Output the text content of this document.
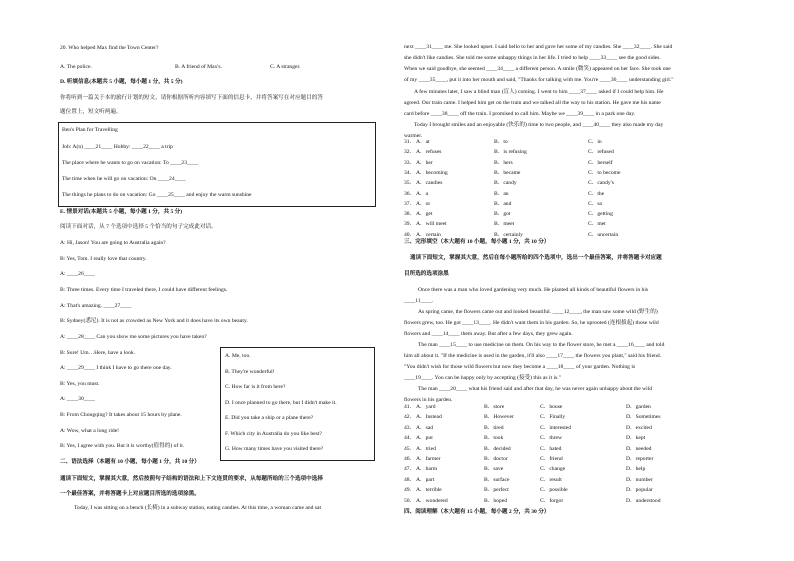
20. Who helped Max find the Town Center?
A. The police.	B. A friend of Max's.	C. A stranger.
D. 听填信息(本题共 5 小题，每小题 1 分，共 5 分)
你将听到一篇关于本的旅行计划的短文，请你根据所听内容填写下面的信息卡，并将答案写在对应题目的答
题位置上，短文听两遍。
Ben's Plan for Travelling
Job: A(n) ____21____ Hobby: ____22____ a trip
The place where he wants to go on vacation: To ____23____
The time when he will go on vacation: On ____24____
The things he plans to do on vacation: Go ____25____ and enjoy the warm sunshine
E. 情景对话(本题共 5 小题，每小题 1 分，共 5 分)
阅读下面对话，从 7 个选项中选择 5 个恰当的句子完成此对话。
A: Hi, Jason! You are going to Australia again?
B: Yes, Tom. I really love that country.
A: ____26____
B: Three times. Every time I traveled there, I could have different feelings.
A: That's amazing. ____27____
B: Sydney(悉尼). It is not as crowded as New York and it does have its own beauty.
A: ____28____ Can you show me some pictures you have taken?
B: Sure! Um…Here, have a look.
A: ____29____ I think I have to go there one day.
B: Yes, you must.
A: ____30____
B: From Chongqing? It takes about 15 hours by plane.
A: Wow, what a long ride!
B: Yes, I agree with you. But it is worthy(值得的) of it.
A. Me, too.
B. They're wonderful!
C. How far is it from here?
D. I once planned to go there, but I didn't make it.
E. Did you take a ship or a plane there?
F. Which city in Australia do you like best?
G. How many times have you visited there?
二、语法选择（本题有 10 小题，每小题 1 分，共 10 分）
通读下面短文，掌握其大意，然后按照句子结构的语法和上下文连贯的要求，从每题所给的三个选项中选择
一个最佳答案，并将答题卡上对应题目所选的选项涂黑。
Today, I was sitting on a bench (长椅) in a subway station, eating candies. At this time, a woman came and sat
next ____31____ me. She looked upset. I said hello to her and gave her some of my candies. She ____32____. She said
she didn't like candies. She told me some unhappy things in her life. I tried to help ____33____ see the good sides.
When we said goodbye, she seemed ____34____ a different person. A smile (微笑) appeared on her face. She took one
of my ____35____, put it into her mouth and said, "Thanks for talking with me. You're ____36____ understanding girl."
A few minutes later, I saw a blind man (盲人) coming. I went to him ____37____ asked if I could help him. He
agreed. Our train came. I helped him get on the train and we talked all the way to his station. He gave me his name
card before ____38____ off the train. I promised to call him. Maybe we ____39____ in a park one day.
Today I brought smiles and an enjoyable (快乐的) time to two people, and ____40____ they also made my day
warmer.
31． A．at	B．to	C．in
32． A．refuses	B．is refusing	C．refused
33． A．her	B．hers	C．herself
34． A．becoming	B．became	C．to become
35． A．candies	B．candy	C．candy's
36． A．a	B．an	C．the
37． A．or	B．and	C．so
38． A．get	B．got	C．getting
39． A．will meet	B．meet	C．met
40． A．certain	B．certainly	C．uncertain
三、完形填空（本大题有 10 小题，每小题 1 分，共 10 分）
通读下面短文，掌握其大意，然后在每小题所给的四个选项中，选出一个最佳答案，并将答题卡对应题
目所选的选项涂黑
Once there was a man who loved gardening very much. He planted all kinds of beautiful flowers in his
____11____.
As spring came, the flowers came out and looked beautiful. ____12____, the man saw some wild (野生的)
flowers grew, too. He got ____13____. He didn't want them in his garden. So, he uprooted (连根拔起) those wild
flowers and ____14____ them away. But after a few days, they grew again.
The man ____15____ to use medicine on them. On his way to the flower store, he met a ____16____ and told
him all about it. "If the medicine is used in the garden, it'll also ____17____ the flowers you plant," said his friend.
"You didn't wish for those wild flowers but now they become a ____18____ of your garden. Nothing is
____19____. You can be happy only by accepting (接受) this as it is."
The man ____20____ what his friend said and after that day, he was never again unhappy about the wild
flowers in his garden.
41． A．yard	B．store	C．house	D．garden
42． A．Instead	B．However	C．Finally	D．Sometimes
43． A．sad	B．tired	C．interested	D．excited
44． A．put	B．took	C．threw	D．kept
45． A．tried	B．decided	C．hated	D．needed
46． A．farmer	B．doctor	C．friend	D．reporter
47． A．harm	B．save	C．change	D．help
48． A．part	B．surface	C．result	D．number
49． A．terrible	B．perfect	C．possible	D．popular
50． A．wondered	B．hoped	C．forgot	D．understood
四、阅读理解（本大题有 15 小题，每小题 2 分，共 30 分）
